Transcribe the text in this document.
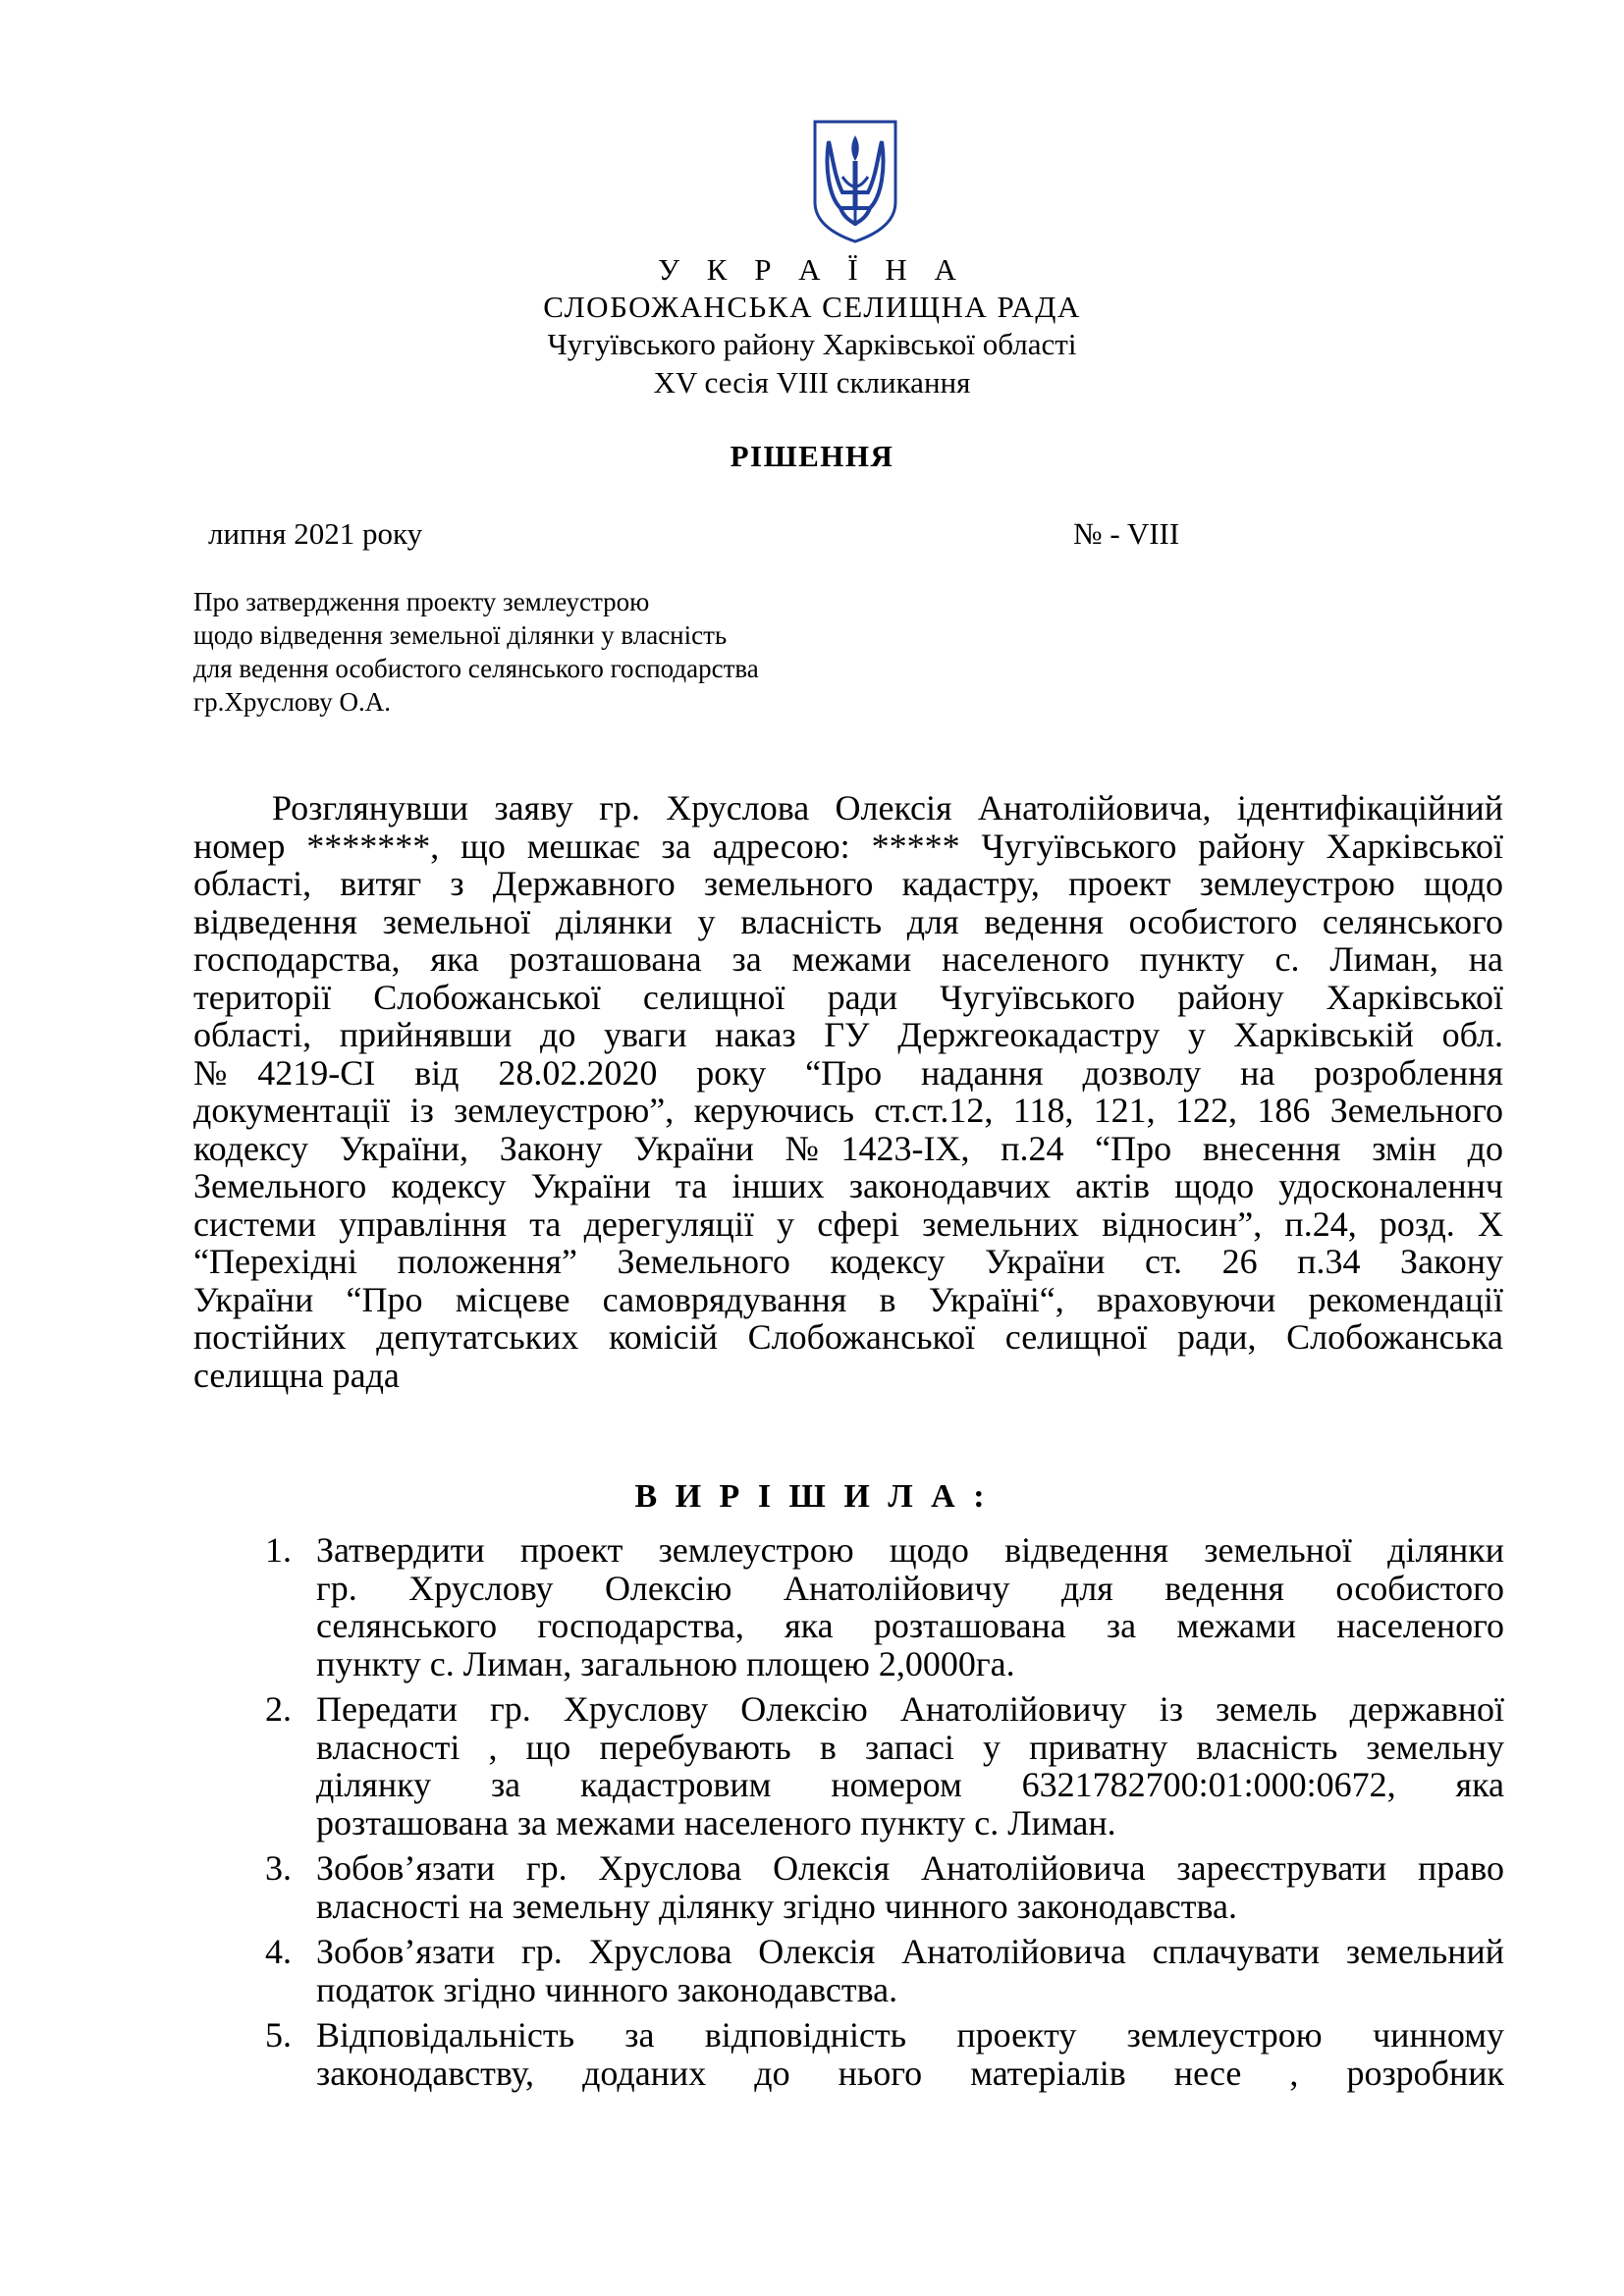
У К Р А Ї Н А
СЛОБОЖАНСЬКА СЕЛИЩНА РАДА
Чугуївського району Харківської області
XV сесія VIII скликання
РІШЕННЯ
липня 2021 року	№ - VIII
Про затвердження проекту землеустрою
щодо відведення земельної ділянки у власність
для ведення особистого селянського господарства
гр.Хруслову О.А.
Розглянувши заяву гр. Хруслова Олексія Анатолійовича, ідентифікаційний
номер *******, що мешкає за адресою: ***** Чугуївського району Харківської
області, витяг з Державного земельного кадастру, проект землеустрою щодо
відведення земельної ділянки у власність для ведення особистого селянського
господарства, яка розташована за межами населеного пункту с. Лиман, на
території Слобожанської селищної ради Чугуївського району Харківської
області, прийнявши до уваги наказ ГУ Держгеокадастру у Харківській обл.
№4219-СІ від 28.02.2020 року “Про надання дозволу на розроблення
документації із землеустрою”, керуючись ст.ст.12, 118, 121, 122, 186 Земельного
кодексу України, Закону України №1423-IX, п.24 “Про внесення змін до
Земельного кодексу України та інших законодавчих актів щодо удосконаленнч
системи управління та дерегуляції у сфері земельних відносин”, п.24, розд. X
“Перехідні положення” Земельного кодексу України ст. 26 п.34 Закону
України “Про місцеве самоврядування в Україні“, враховуючи рекомендації
постійних депутатських комісій Слобожанської селищної ради, Слобожанська
селищна рада
В И Р І Ш И Л А :
1. Затвердити проект землеустрою щодо відведення земельної ділянки
гр. Хруслову Олексію Анатолійовичу для ведення особистого
селянського господарства, яка розташована за межами населеного
пункту с. Лиман, загальною площею 2,0000га.
2. Передати гр. Хруслову Олексію Анатолійовичу із земель державної
власності , що перебувають в запасі у приватну власність земельну
ділянку за кадастровим номером 6321782700:01:000:0672, яка
розташована за межами населеного пункту с. Лиман.
3. Зобов’язати гр. Хруслова Олексія Анатолійовича зареєструвати право
власності на земельну ділянку згідно чинного законодавства.
4. Зобов’язати гр. Хруслова Олексія Анатолійовича сплачувати земельний
податок згідно чинного законодавства.
5. Відповідальність за відповідність проекту землеустрою чинному
законодавству, доданих до нього матеріалів несе , розробник
